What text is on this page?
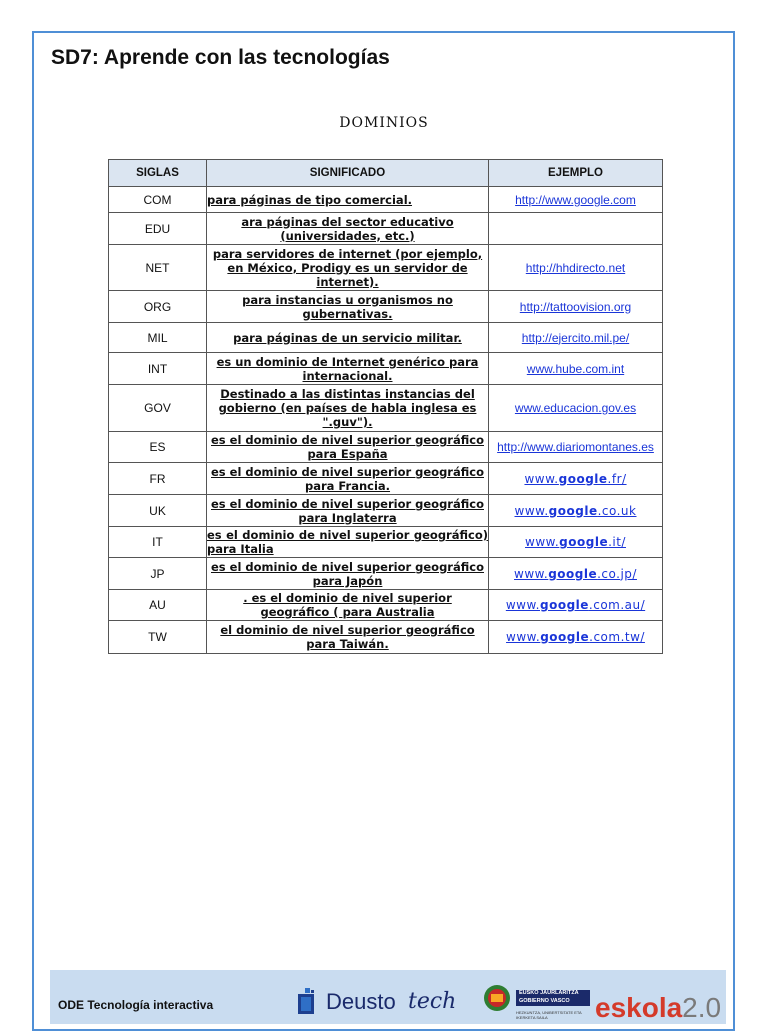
SD7: Aprende con las tecnologías

DOMINIOS

SIGLAS	SIGNIFICADO	EJEMPLO
COM	para páginas de tipo comercial.	http://www.google.com
EDU	ara páginas del sector educativo (universidades, etc.)	
NET	para servidores de internet (por ejemplo, en México, Prodigy es un servidor de internet).	http://hhdirecto.net
ORG	para instancias u organismos no gubernativas.	http://tattoovision.org
MIL	para páginas de un servicio militar.	http://ejercito.mil.pe/
INT	es un dominio de Internet genérico para internacional.	www.hube.com.int
GOV	Destinado a las distintas instancias del gobierno (en países de habla inglesa es ".guv").	www.educacion.gov.es
ES	es el dominio de nivel superior geográfico para España	http://www.diariomontanes.es
FR	es el dominio de nivel superior geográfico para Francia.	www.google.fr/
UK	es el dominio de nivel superior geográfico para Inglaterra	www.google.co.uk
IT	es el dominio de nivel superior geográfico) para Italia	www.google.it/
JP	es el dominio de nivel superior geográfico para Japón	www.google.co.jp/
AU	. es el dominio de nivel superior geográfico ( para Australia	www.google.com.au/
TW	el dominio de nivel superior geográfico para Taiwán.	www.google.com.tw/
ODE Tecnología interactiva	Deusto tech	EUSKO JAURLARITZA
GOBIERNO VASCO
HEZKUNTZA, UNIBERTSITATE ETA IKERKETA SAILA	eskola2.0
